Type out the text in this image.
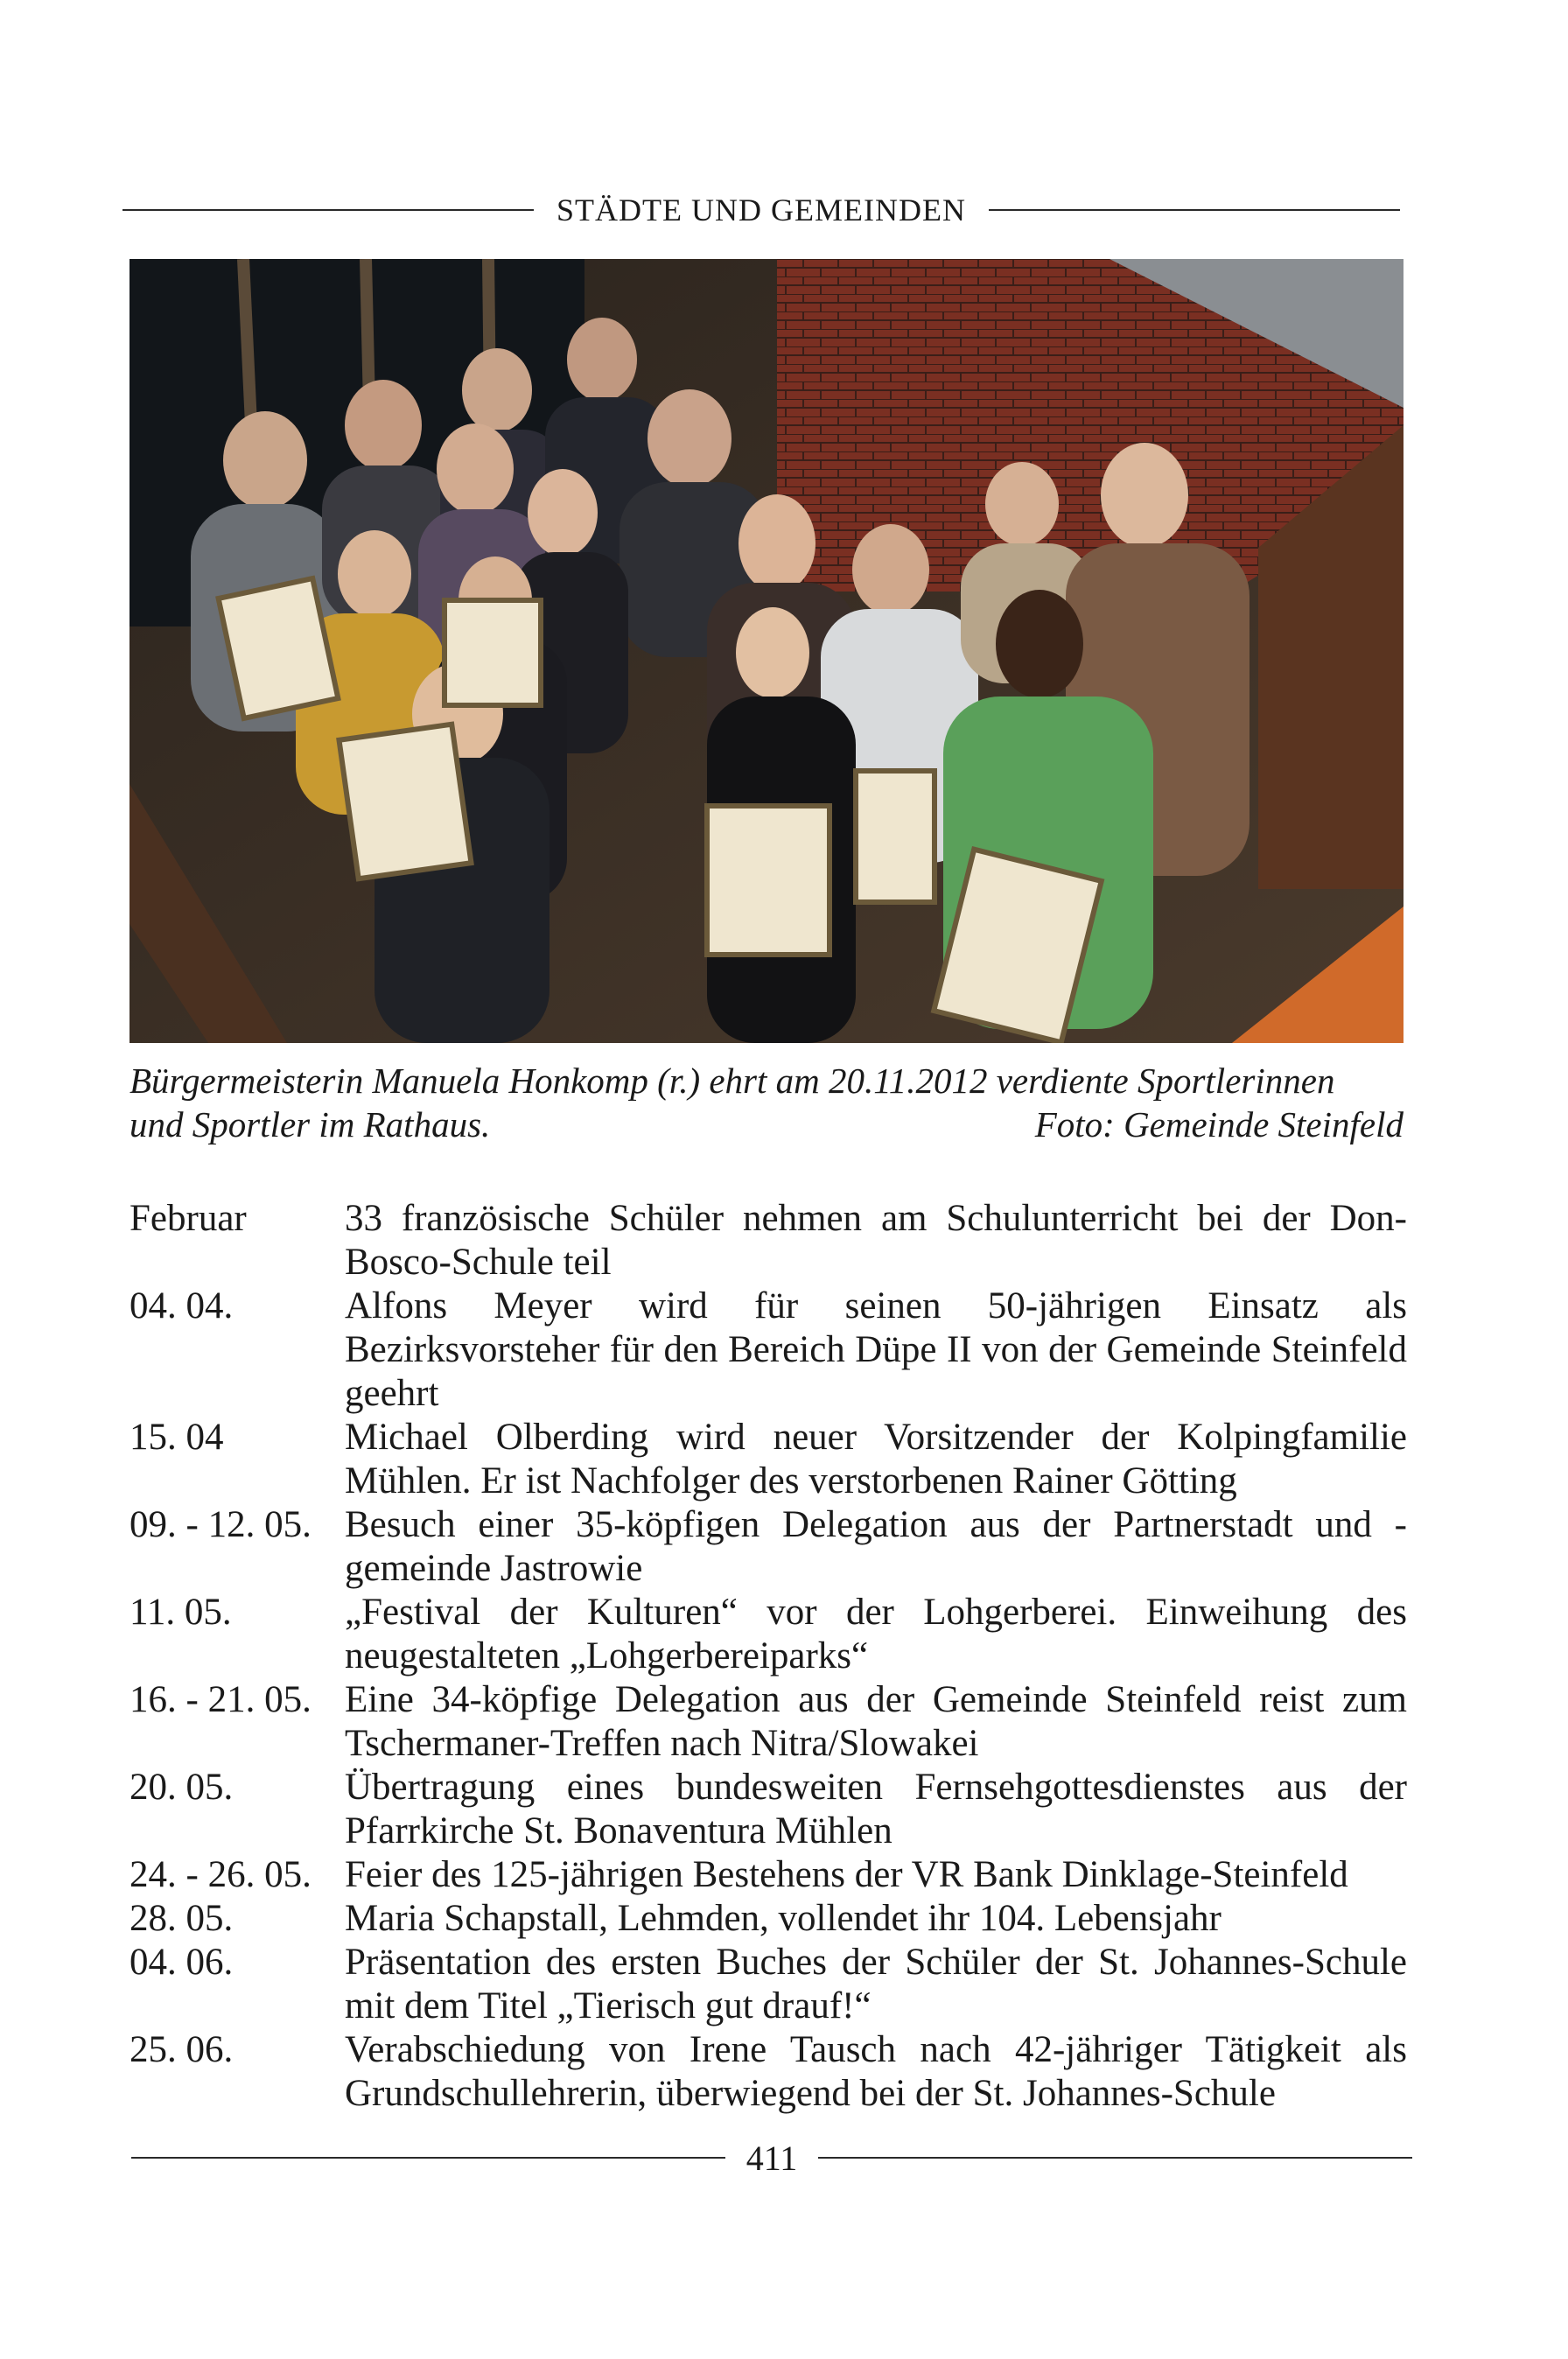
STÄDTE UND GEMEINDEN
Bürgermeisterin Manuela Honkomp (r.) ehrt am 20.11.2012 verdiente Sportlerinnen
und Sportler im Rathaus.	Foto: Gemeinde Steinfeld
Februar	33 französische Schüler nehmen am Schulunterricht bei der Don-Bosco-Schule teil
04. 04.	Alfons Meyer wird für seinen 50-jährigen Einsatz als Bezirksvorsteher für den Bereich Düpe II von der Gemeinde Steinfeld geehrt
15. 04	Michael Olberding wird neuer Vorsitzender der Kolpingfamilie Mühlen. Er ist Nachfolger des verstorbenen Rainer Götting
09. - 12. 05. Besuch einer 35-köpfigen Delegation aus der Partnerstadt und -gemeinde Jastrowie
11. 05.	„Festival der Kulturen“ vor der Lohgerberei. Einweihung des neugestalteten „Lohgerbereiparks“
16. - 21. 05. Eine 34-köpfige Delegation aus der Gemeinde Steinfeld reist zum Tschermaner-Treffen nach Nitra/Slowakei
20. 05.	Übertragung eines bundesweiten Fernsehgottesdienstes aus der Pfarrkirche St. Bonaventura Mühlen
24. - 26. 05. Feier des 125-jährigen Bestehens der VR Bank Dinklage-Steinfeld
28. 05.	Maria Schapstall, Lehmden, vollendet ihr 104. Lebensjahr
04. 06.	Präsentation des ersten Buches der Schüler der St. Johannes-Schule mit dem Titel „Tierisch gut drauf!“
25. 06.	Verabschiedung von Irene Tausch nach 42-jähriger Tätigkeit als Grundschullehrerin, überwiegend bei der St. Johannes-Schule
411
